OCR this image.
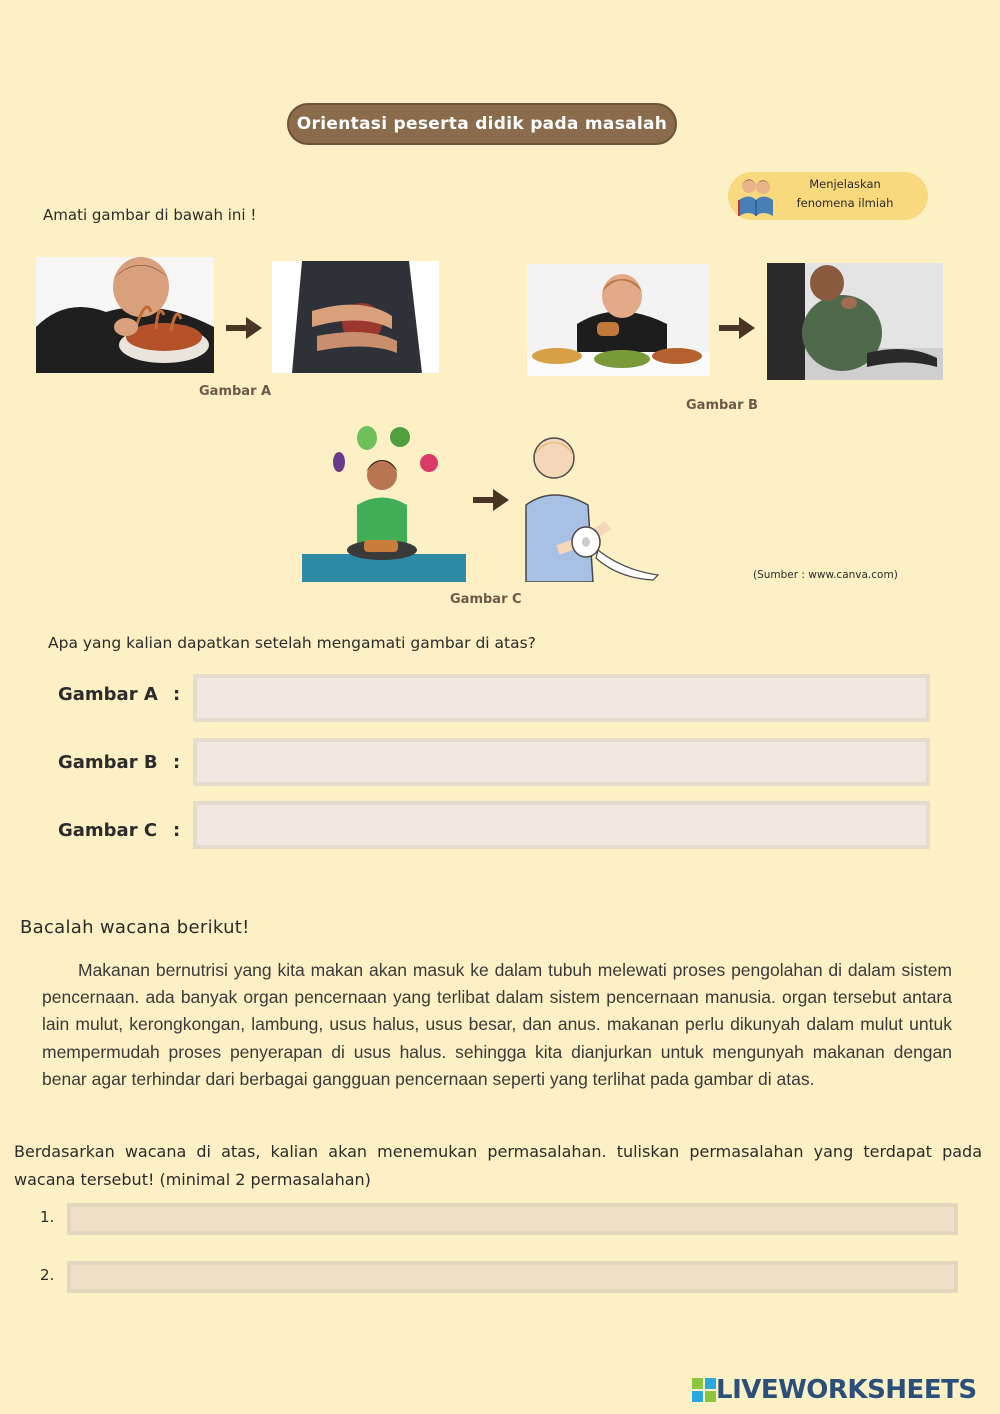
Orientasi peserta didik pada masalah
Menjelaskan
fenomena ilmiah
Amati gambar di bawah ini !
Gambar A
Gambar B
(Sumber : www.canva.com)
Gambar C
Apa yang kalian dapatkan setelah mengamati gambar di atas?
Gambar A :
Gambar B :
Gambar C :
Bacalah wacana berikut!

Makanan bernutrisi yang kita makan akan masuk ke dalam tubuh melewati proses pengolahan di dalam sistem pencernaan. ada banyak organ pencernaan yang terlibat dalam sistem pencernaan manusia. organ tersebut antara lain mulut, kerongkongan, lambung, usus halus, usus besar, dan anus. makanan perlu dikunyah dalam mulut untuk mempermudah proses penyerapan di usus halus. sehingga kita dianjurkan untuk mengunyah makanan dengan benar agar terhindar dari berbagai gangguan pencernaan seperti yang terlihat pada gambar di atas.

Berdasarkan wacana di atas, kalian akan menemukan permasalahan. tuliskan permasalahan yang terdapat pada wacana tersebut! (minimal 2 permasalahan)
1.
2.
LIVEWORKSHEETS
